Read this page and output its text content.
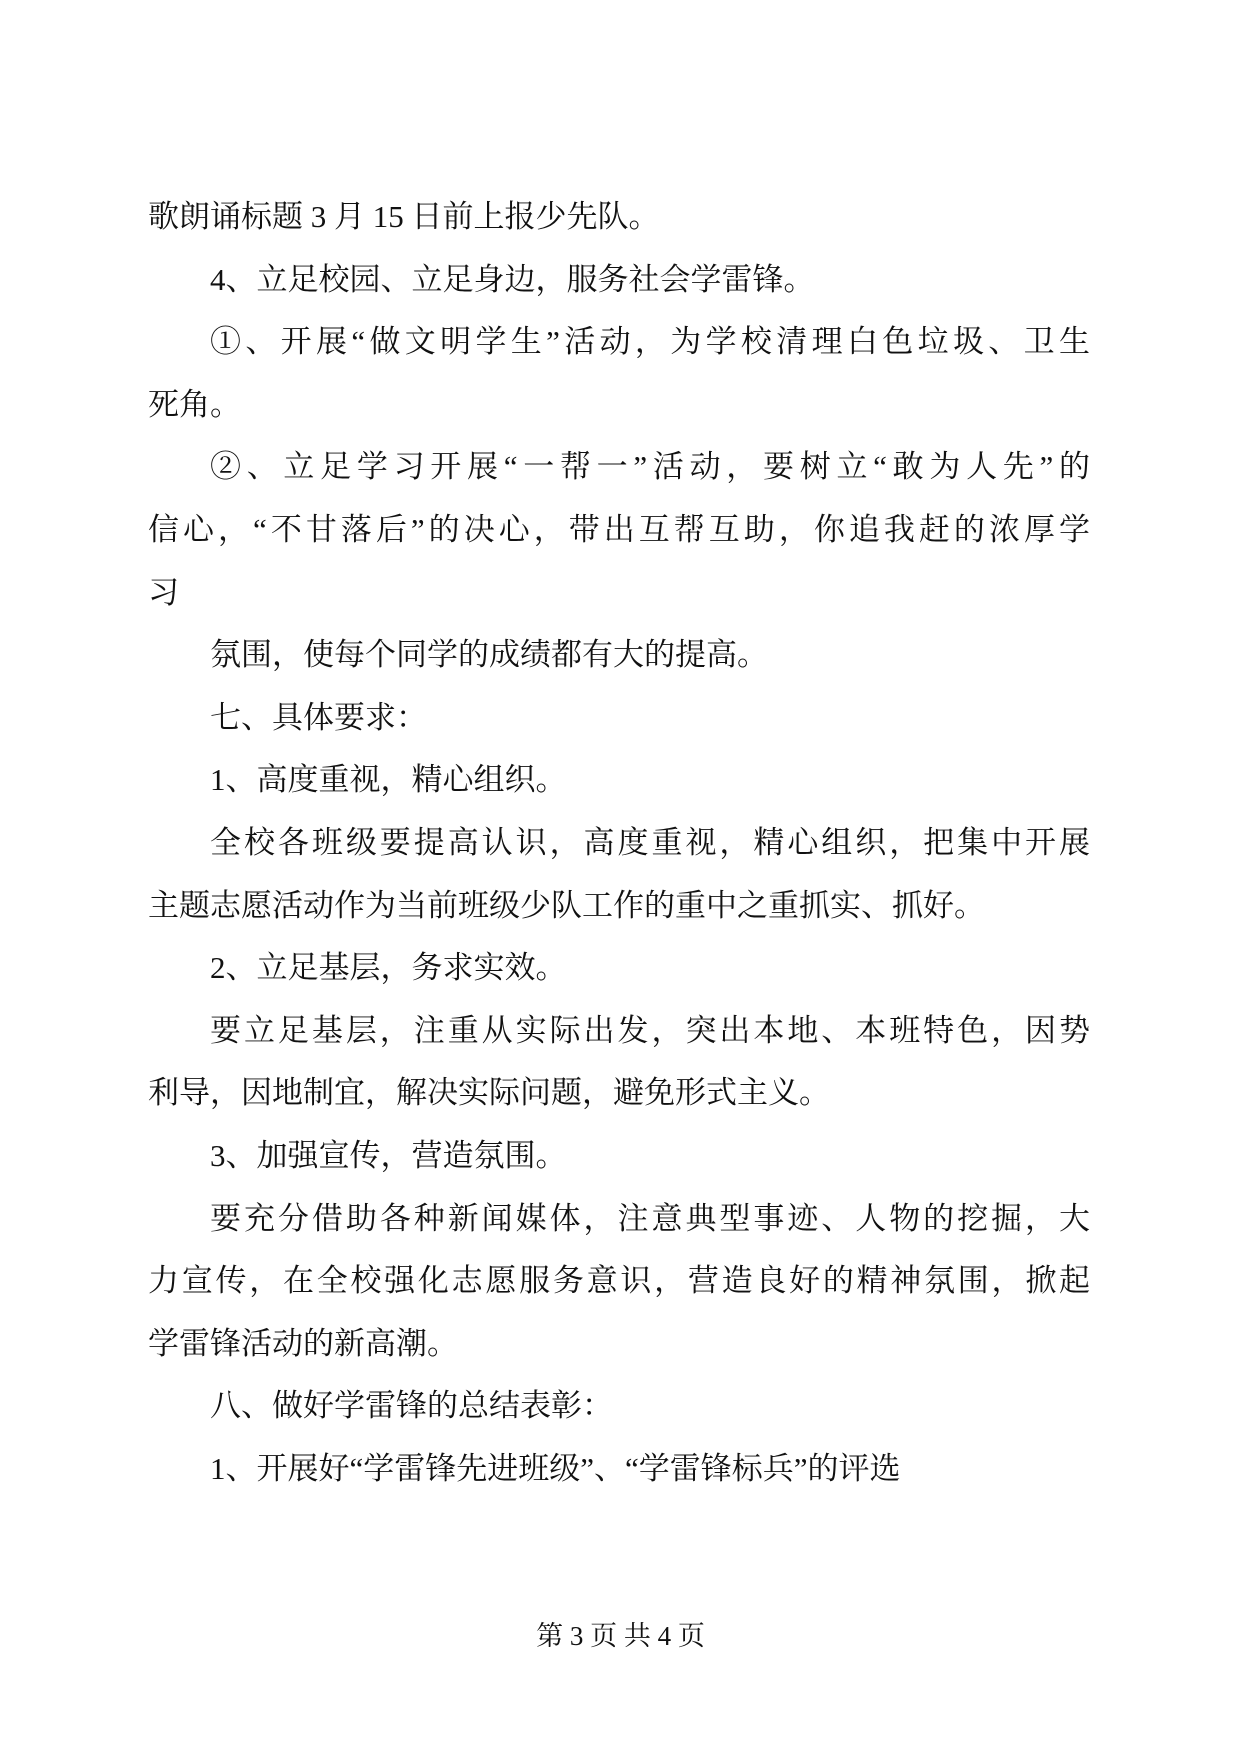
歌朗诵标题 3 月 15 日前上报少先队。
4、立足校园、立足身边，服务社会学雷锋。
①、开展“做文明学生”活动，为学校清理白色垃圾、卫生
死角。
②、立足学习开展“一帮一”活动，要树立“敢为人先”的
信心，“不甘落后”的决心，带出互帮互助，你追我赶的浓厚学
习
氛围，使每个同学的成绩都有大的提高。
七、具体要求：
1、高度重视，精心组织。
全校各班级要提高认识，高度重视，精心组织，把集中开展
主题志愿活动作为当前班级少队工作的重中之重抓实、抓好。
2、立足基层，务求实效。
要立足基层，注重从实际出发，突出本地、本班特色，因势
利导，因地制宜，解决实际问题，避免形式主义。
3、加强宣传，营造氛围。
要充分借助各种新闻媒体，注意典型事迹、人物的挖掘，大
力宣传，在全校强化志愿服务意识，营造良好的精神氛围，掀起
学雷锋活动的新高潮。
八、做好学雷锋的总结表彰：
1、开展好“学雷锋先进班级”、“学雷锋标兵”的评选
第 3 页 共 4 页
